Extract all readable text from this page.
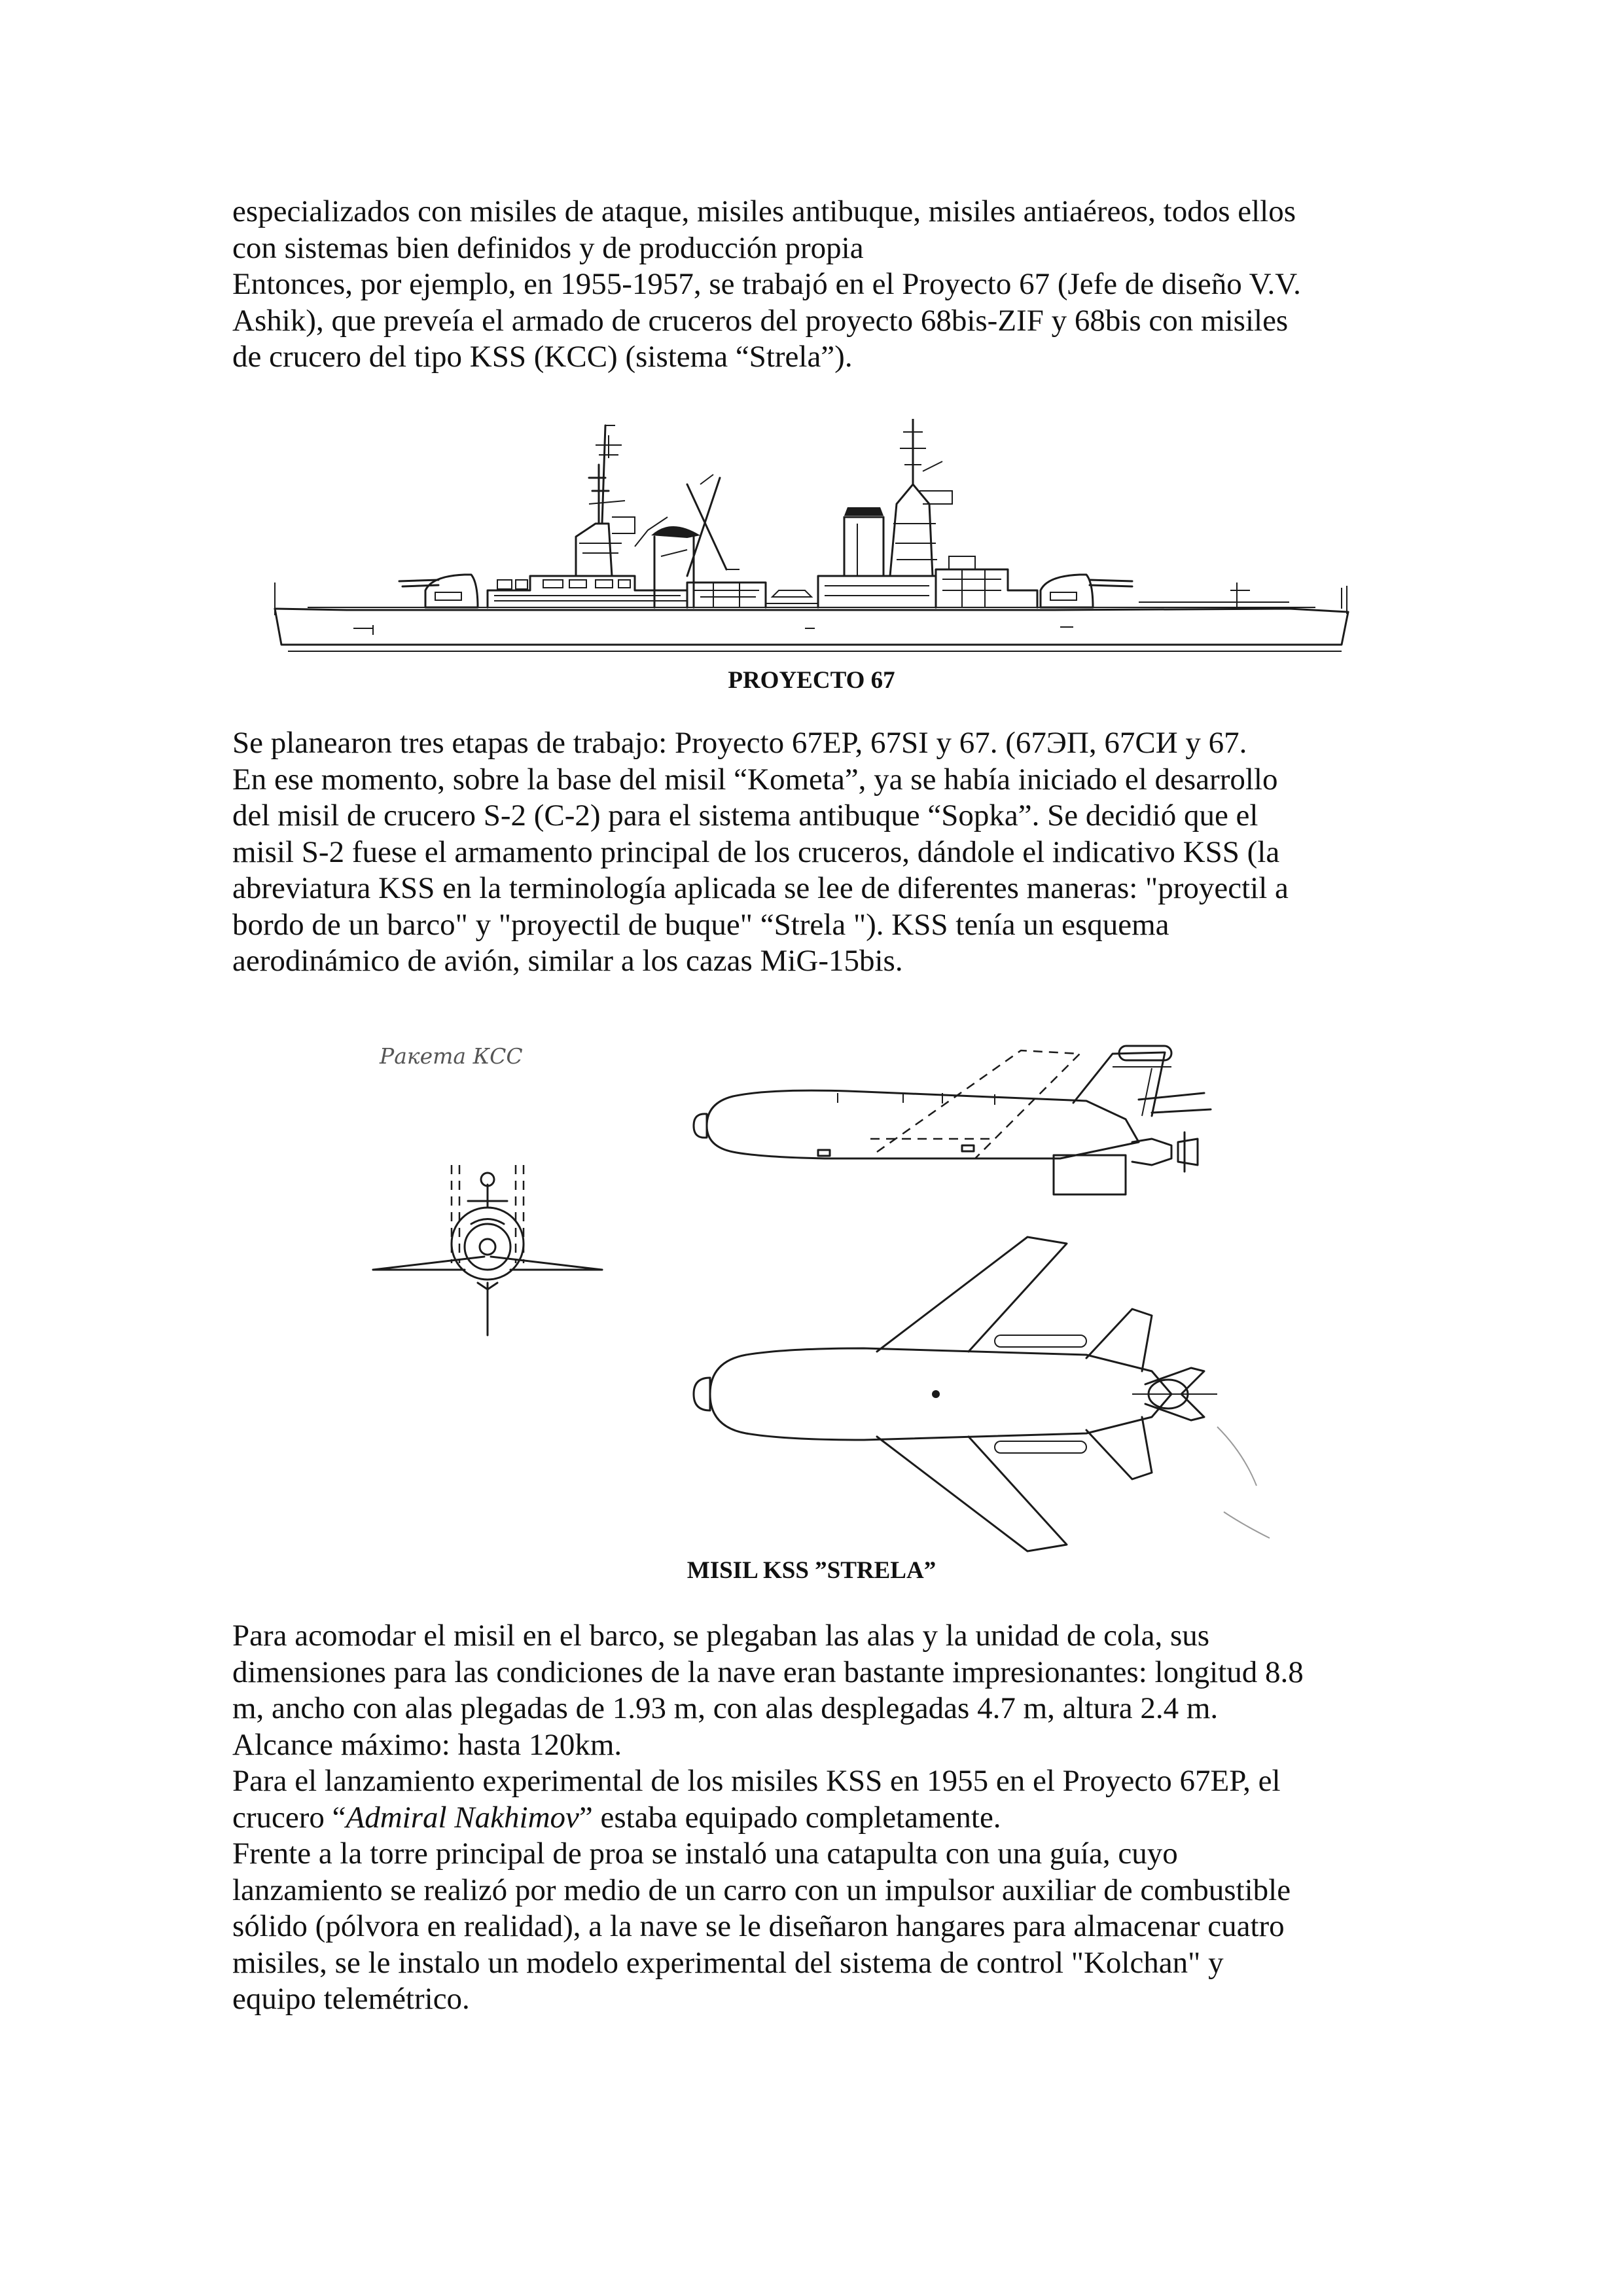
especializados con misiles de ataque, misiles antibuque, misiles antiaéreos, todos ellos
con sistemas bien definidos y de producción propia
Entonces, por ejemplo, en 1955-1957, se trabajó en el Proyecto 67 (Jefe de diseño V.V.
Ashik), que preveía el armado de cruceros del proyecto 68bis-ZIF y 68bis con misiles
de crucero del tipo KSS (KCC) (sistema “Strela”).

PROYECTO 67

Se planearon tres etapas de trabajo: Proyecto 67EP, 67SI y 67. (67ЭП, 67СИ y 67.
En ese momento, sobre la base del misil “Kometa”, ya se había iniciado el desarrollo
del misil de crucero S-2 (C-2) para el sistema antibuque “Sopka”. Se decidió que el
misil S-2 fuese el armamento principal de los cruceros, dándole el indicativo KSS (la
abreviatura KSS en la terminología aplicada se lee de diferentes maneras: "proyectil a
bordo de un barco" y "proyectil de buque" “Strela "). KSS tenía un esquema
aerodinámico de avión, similar a los cazas MiG-15bis.

Ракета КСС

MISIL KSS ”STRELA”

Para acomodar el misil en el barco, se plegaban las alas y la unidad de cola, sus
dimensiones para las condiciones de la nave eran bastante impresionantes: longitud 8.8
m, ancho con alas plegadas de 1.93 m, con alas desplegadas 4.7 m, altura 2.4 m.
Alcance máximo: hasta 120km.
Para el lanzamiento experimental de los misiles KSS en 1955 en el Proyecto 67EP, el
crucero “Admiral Nakhimov” estaba equipado completamente.
Frente a la torre principal de proa se instaló una catapulta con una guía, cuyo
lanzamiento se realizó por medio de un carro con un impulsor auxiliar de combustible
sólido (pólvora en realidad), a la nave se le diseñaron hangares para almacenar cuatro
misiles, se le instalo un modelo experimental del sistema de control "Kolchan" y
equipo telemétrico.
